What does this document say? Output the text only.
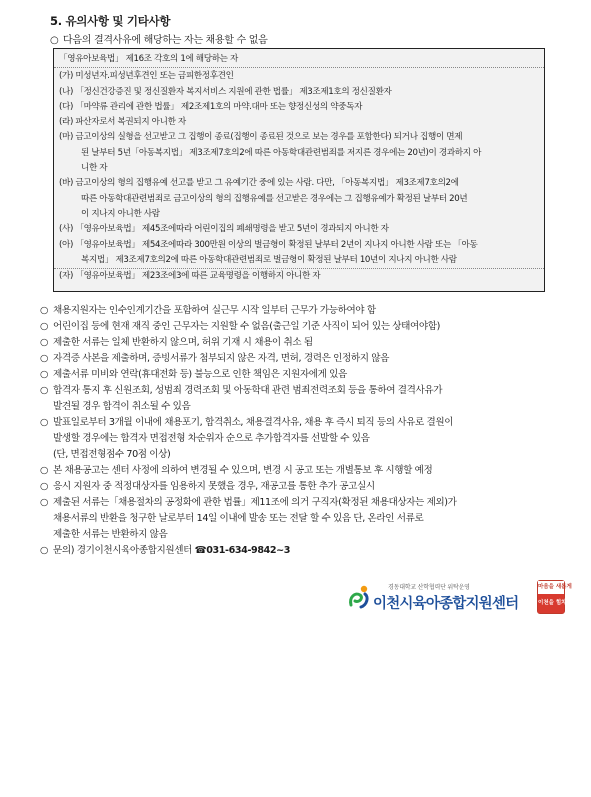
5. 유의사항 및 기타사항
○ 다음의 결격사유에 해당하는 자는 채용할 수 없음
「영유아보육법」 제16조 각호의 1에 해당하는 자
(가) 미성년자.피성년후견인 또는 금피한정후견인
(나) 「정신건강증진 및 정신질환자 복지서비스 지원에 관한 법률」 제3조제1호의 정신질환자
(다) 「마약류 관리에 관한 법률」 제2조제1호의 마약.대마 또는 향정신성의 약중독자
(라) 파산자로서 복권되지 아니한 자
(마) 금고이상의 실형을 선고받고 그 집행이 종료(집행이 종료된 것으로 보는 경우를 포함한다) 되거나 집행이 면제
된 날부터 5년「아동복지법」 제3조제7호의2에 따른 아동학대관련범죄를 저지른 경우에는 20년)이 경과하지 아
니한 자
(바) 금고이상의 형의 집행유예 선고를 받고 그 유예기간 중에 있는 사람. 다만, 「아동복지법」 제3조제7호의2에
따른 아동학대관련범죄로 금고이상의 형의 집행유예를 선고받은 경우에는 그 집행유예가 확정된 날부터 20년
이 지나지 아니한 사람
(사) 「영유아보육법」 제45조에따라 어린이집의 폐쇄명령을 받고 5년이 경과되지 아니한 자
(아) 「영유아보육법」 제54조에따라 300만원 이상의 벌금형이 확정된 날부터 2년이 지나지 아니한 사람 또는 「아동
복지법」 제3조제7호의2에 따른 아동학대관련범죄로 벌금형이 확정된 날부터 10년이 지나지 아니한 사람
(자) 「영유아보육법」 제23조에3에 따른 교육명령을 이행하지 아니한 자
○ 채용지원자는 인수인계기간을 포함하여 실근무 시작 일부터 근무가 가능하여야 함
○ 어린이집 등에 현재 재직 중인 근무자는 지원할 수 없음(출근일 기준 사직이 되어 있는 상태여야함)
○ 제출한 서류는 일체 반환하지 않으며, 허위 기재 시 채용이 취소 됨
○ 자격증 사본을 제출하며, 증빙서류가 첨부되지 않은 자격, 면허, 경력은 인정하지 않음
○ 제출서류 미비와 연락(휴대전화 등) 불능으로 인한 책임은 지원자에게 있음
○ 합격자 통지 후 신원조회, 성범죄 경력조회 및 아동학대 관련 범죄전력조회 등을 통하여 결격사유가
발견될 경우 합격이 취소될 수 있음
○ 발표일로부터 3개월 이내에 채용포기, 합격취소, 채용결격사유, 채용 후 즉시 퇴직 등의 사유로 결원이
발생할 경우에는 합격자 면접전형 차순위자 순으로 추가합격자를 선발할 수 있음
(단, 면접전형점수 70점 이상)
○ 본 채용공고는 센터 사정에 의하여 변경될 수 있으며, 변경 시 공고 또는 개별통보 후 시행할 예정
○ 응시 지원자 중 적정대상자를 임용하지 못했을 경우, 재공고를 통한 추가 공고실시
○ 제출된 서류는「채용절차의 공정화에 관한 법률」제11조에 의거 구직자(확정된 채용대상자는 제외)가
채용서류의 반환을 청구한 날로부터 14일 이내에 발송 또는 전달 할 수 있음 단, 온라인 서류로
제출한 서류는 반환하지 않음
○ 문의) 경기이천시육아종합지원센터 ☎031-634-9842~3
경동대학교 산학협력단 위탁운영
이천시육아종합지원센터
마음을 새롭게
이천을 힘차게
